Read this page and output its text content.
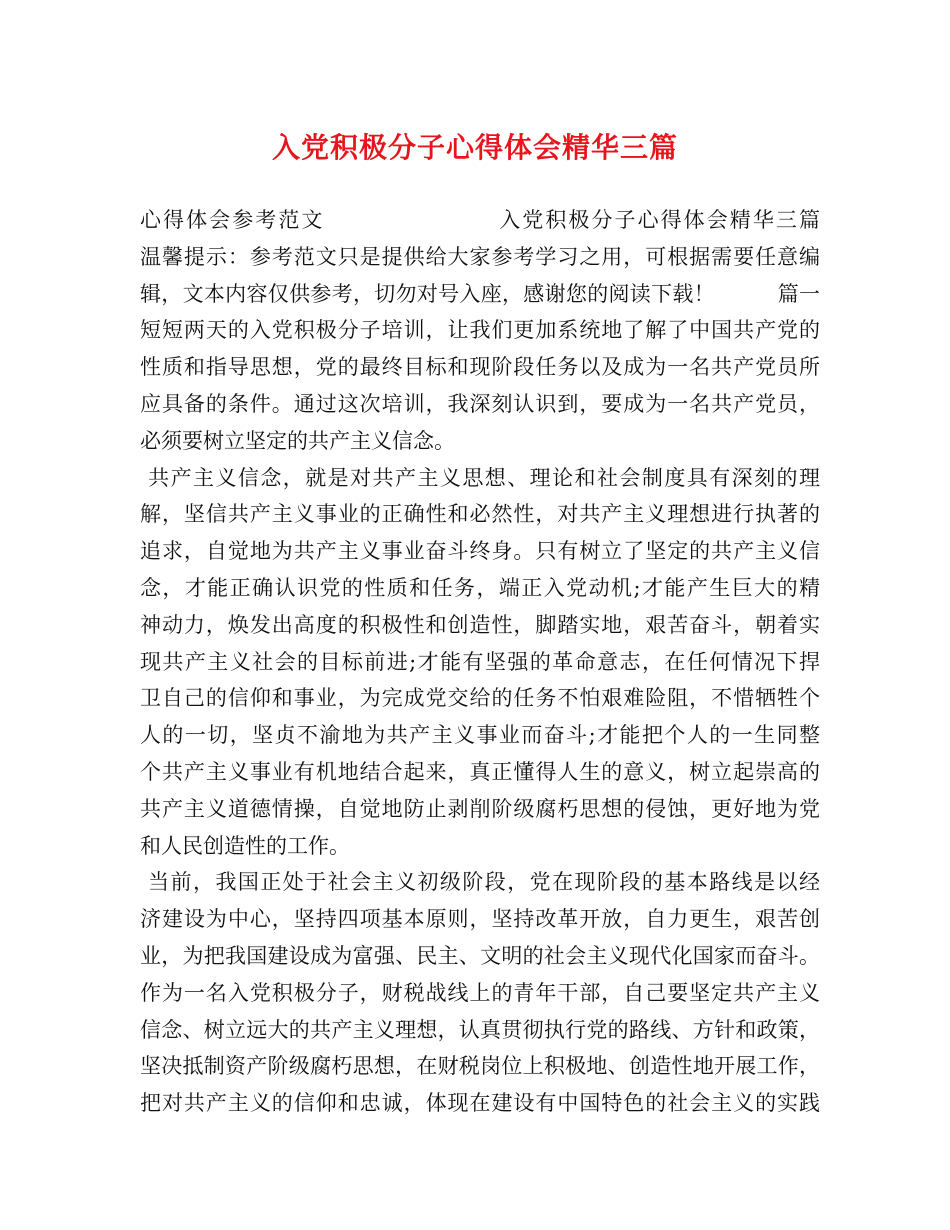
入党积极分子心得体会精华三篇
心得体会参考范文                    入党积极分子心得体会精华三篇
温馨提示：参考范文只是提供给大家参考学习之用，可根据需要任意编
辑，文本内容仅供参考，切勿对号入座，感谢您的阅读下载！         篇一
短短两天的入党积极分子培训，让我们更加系统地了解了中国共产党的
性质和指导思想，党的最终目标和现阶段任务以及成为一名共产党员所
应具备的条件。通过这次培训，我深刻认识到，要成为一名共产党员，
必须要树立坚定的共产主义信念。
共产主义信念，就是对共产主义思想、理论和社会制度具有深刻的理
解，坚信共产主义事业的正确性和必然性，对共产主义理想进行执著的
追求，自觉地为共产主义事业奋斗终身。只有树立了坚定的共产主义信
念，才能正确认识党的性质和任务，端正入党动机;才能产生巨大的精
神动力，焕发出高度的积极性和创造性，脚踏实地，艰苦奋斗，朝着实
现共产主义社会的目标前进;才能有坚强的革命意志，在任何情况下捍
卫自己的信仰和事业，为完成党交给的任务不怕艰难险阻，不惜牺牲个
人的一切，坚贞不渝地为共产主义事业而奋斗;才能把个人的一生同整
个共产主义事业有机地结合起来，真正懂得人生的意义，树立起崇高的
共产主义道德情操，自觉地防止剥削阶级腐朽思想的侵蚀，更好地为党
和人民创造性的工作。
当前，我国正处于社会主义初级阶段，党在现阶段的基本路线是以经
济建设为中心，坚持四项基本原则，坚持改革开放，自力更生，艰苦创
业，为把我国建设成为富强、民主、文明的社会主义现代化国家而奋斗。
作为一名入党积极分子，财税战线上的青年干部，自己要坚定共产主义
信念、树立远大的共产主义理想，认真贯彻执行党的路线、方针和政策，
坚决抵制资产阶级腐朽思想，在财税岗位上积极地、创造性地开展工作，
把对共产主义的信仰和忠诚，体现在建设有中国特色的社会主义的实践
